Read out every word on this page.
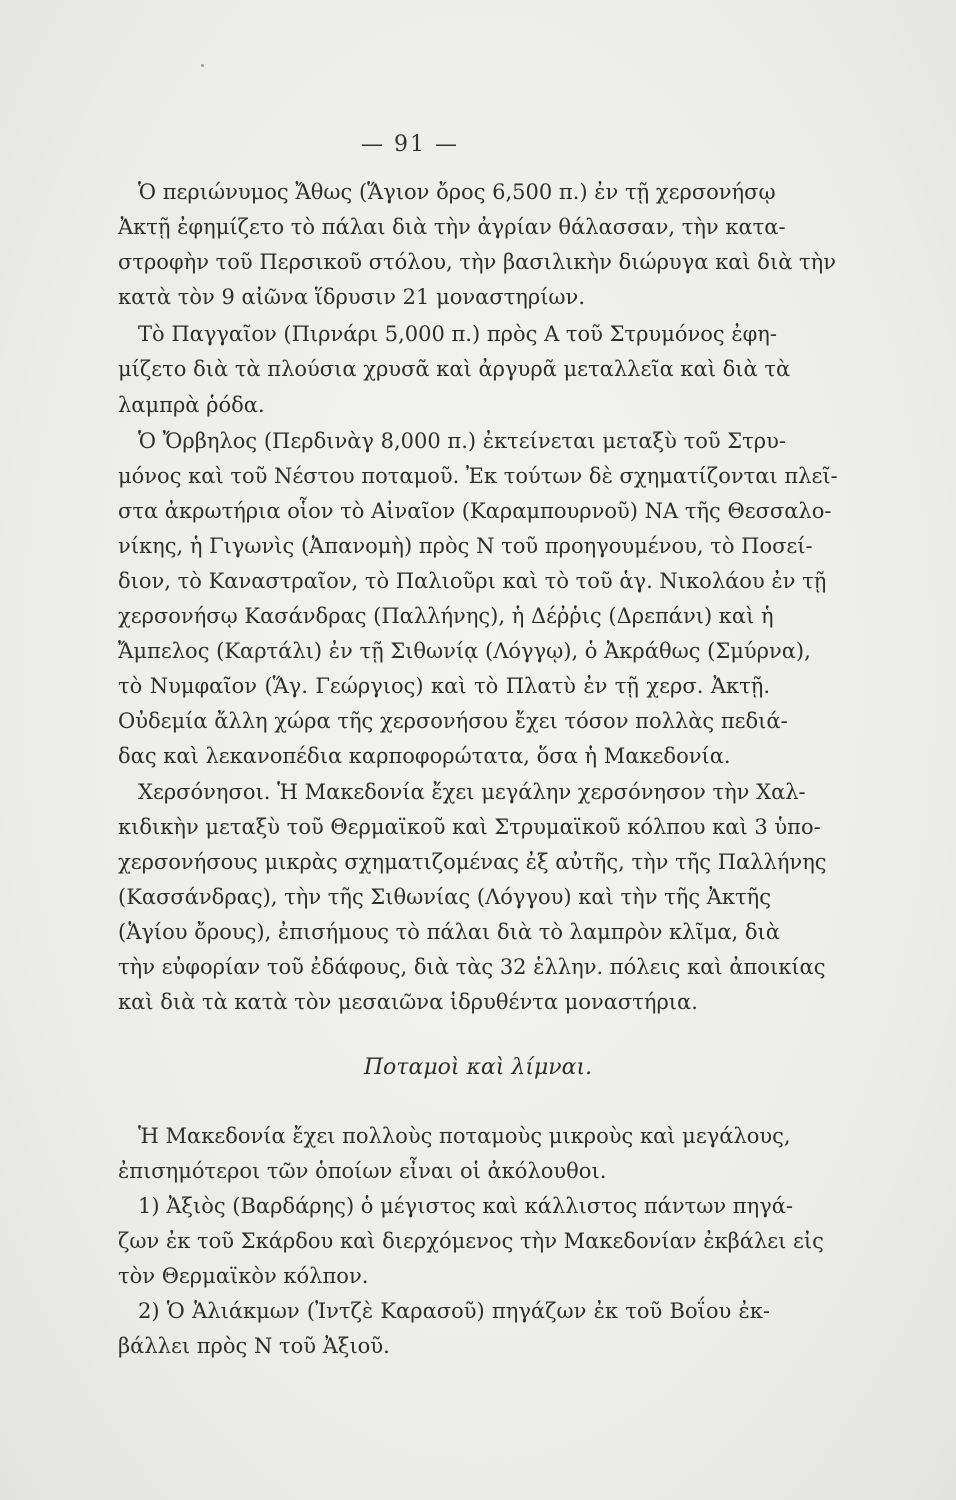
— 91 —
Ὁ περιώνυμος Ἄθως (Ἅγιον ὄρος 6,500 π.) ἐν τῇ χερσονήσῳ
Ἀκτῇ ἐφημίζετο τὸ πάλαι διὰ τὴν ἀγρίαν θάλασσαν, τὴν κατα-
στροφὴν τοῦ Περσικοῦ στόλου, τὴν βασιλικὴν διώρυγα καὶ διὰ τὴν
κατὰ τὸν 9 αἰῶνα ἵδρυσιν 21 μοναστηρίων.
Τὸ Παγγαῖον (Πιρνάρι 5,000 π.) πρὸς Α τοῦ Στρυμόνος ἐφη-
μίζετο διὰ τὰ πλούσια χρυσᾶ καὶ ἀργυρᾶ μεταλλεῖα καὶ διὰ τὰ
λαμπρὰ ῥόδα.
Ὁ Ὄρβηλος (Περδινὰγ 8,000 π.) ἐκτείνεται μεταξὺ τοῦ Στρυ-
μόνος καὶ τοῦ Νέστου ποταμοῦ. Ἐκ τούτων δὲ σχηματίζονται πλεῖ-
στα ἀκρωτήρια οἷον τὸ Αἰναῖον (Καραμπουρνοῦ) ΝΑ τῆς Θεσσαλο-
νίκης, ἡ Γιγωνὶς (Ἀπανομὴ) πρὸς Ν τοῦ προηγουμένου, τὸ Ποσεί-
διον, τὸ Καναστραῖον, τὸ Παλιοῦρι καὶ τὸ τοῦ ἁγ. Νικολάου ἐν τῇ
χερσονήσῳ Κασάνδρας (Παλλήνης), ἡ Δέῤῥις (Δρεπάνι) καὶ ἡ
Ἄμπελος (Καρτάλι) ἐν τῇ Σιθωνίᾳ (Λόγγῳ), ὁ Ἀκράθως (Σμύρνα),
τὸ Νυμφαῖον (Ἅγ. Γεώργιος) καὶ τὸ Πλατὺ ἐν τῇ χερσ. Ἀκτῇ.
Οὐδεμία ἄλλη χώρα τῆς χερσονήσου ἔχει τόσον πολλὰς πεδιά-
δας καὶ λεκανοπέδια καρποφορώτατα, ὅσα ἡ Μακεδονία.
Χερσόνησοι. Ἡ Μακεδονία ἔχει μεγάλην χερσόνησον τὴν Χαλ-
κιδικὴν μεταξὺ τοῦ Θερμαϊκοῦ καὶ Στρυμαϊκοῦ κόλπου καὶ 3 ὑπο-
χερσονήσους μικρὰς σχηματιζομένας ἐξ αὐτῆς, τὴν τῆς Παλλήνης
(Κασσάνδρας), τὴν τῆς Σιθωνίας (Λόγγου) καὶ τὴν τῆς Ἀκτῆς
(Ἁγίου ὄρους), ἐπισήμους τὸ πάλαι διὰ τὸ λαμπρὸν κλῖμα, διὰ
τὴν εὐφορίαν τοῦ ἐδάφους, διὰ τὰς 32 ἑλλην. πόλεις καὶ ἀποικίας
καὶ διὰ τὰ κατὰ τὸν μεσαιῶνα ἱδρυθέντα μοναστήρια.
Ποταμοὶ καὶ λίμναι.
Ἡ Μακεδονία ἔχει πολλοὺς ποταμοὺς μικροὺς καὶ μεγάλους,
ἐπισημότεροι τῶν ὁποίων εἶναι οἱ ἀκόλουθοι.
1) Ἀξιὸς (Βαρδάρης) ὁ μέγιστος καὶ κάλλιστος πάντων πηγά-
ζων ἐκ τοῦ Σκάρδου καὶ διερχόμενος τὴν Μακεδονίαν ἐκβάλει εἰς
τὸν Θερμαϊκὸν κόλπον.
2) Ὁ Ἁλιάκμων (Ἰντζὲ Καρασοῦ) πηγάζων ἐκ τοῦ Βοΐου ἐκ-
βάλλει πρὸς Ν τοῦ Ἀξιοῦ.
